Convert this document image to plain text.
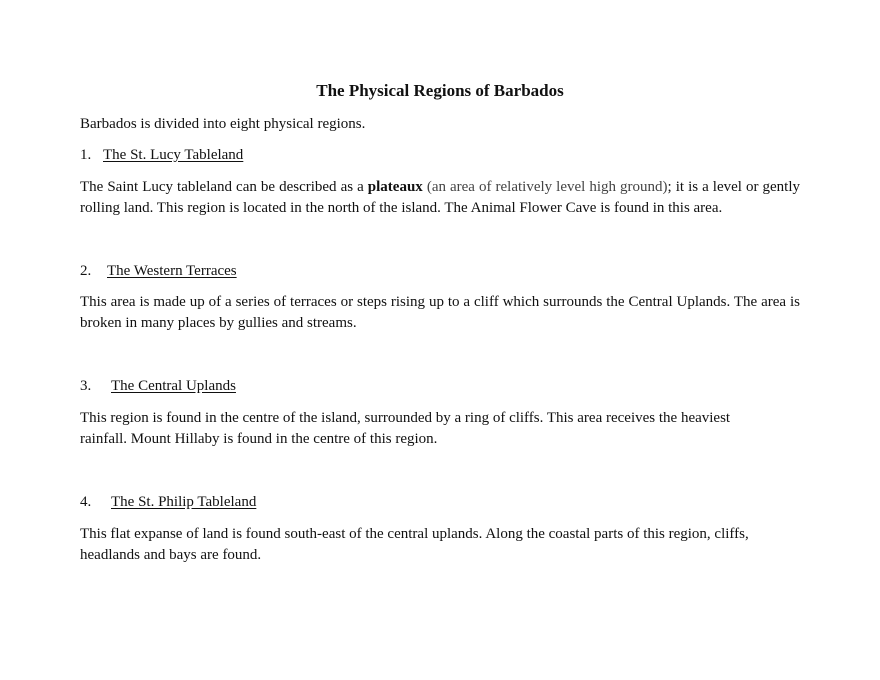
The Physical Regions of Barbados
Barbados is divided into eight physical regions.
1. The St. Lucy Tableland
The Saint Lucy tableland can be described as a plateaux (an area of relatively level high ground); it is a level or gently rolling land. This region is located in the north of the island. The Animal Flower Cave is found in this area.
2. The Western Terraces
This area is made up of a series of terraces or steps rising up to a cliff which surrounds the Central Uplands. The area is broken in many places by gullies and streams.
3. The Central Uplands
This region is found in the centre of the island, surrounded by a ring of cliffs. This area receives the heaviest
rainfall. Mount Hillaby is found in the centre of this region.
4. The St. Philip Tableland
This flat expanse of land is found south-east of the central uplands. Along the coastal parts of this region, cliffs,
headlands and bays are found.
